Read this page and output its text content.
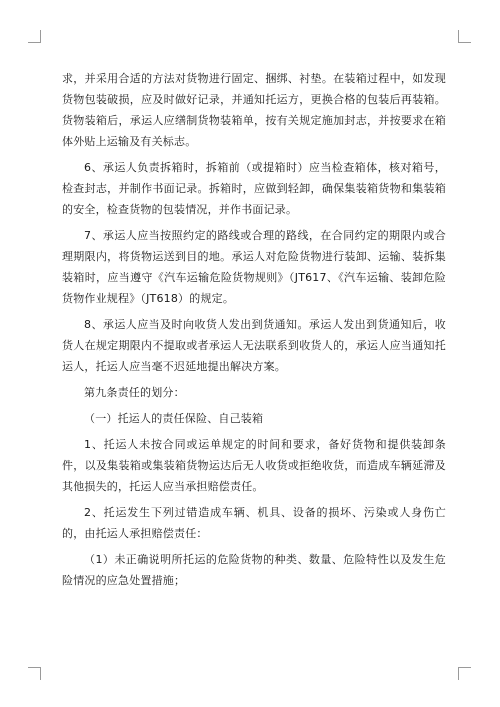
求，并采用合适的方法对货物进行固定、捆绑、衬垫。在装箱过程中，如发现货物包装破损，应及时做好记录，并通知托运方，更换合格的包装后再装箱。货物装箱后，承运人应缮制货物装箱单，按有关规定施加封志，并按要求在箱体外贴上运输及有关标志。

6、承运人负责拆箱时，拆箱前（或提箱时）应当检查箱体，核对箱号，检查封志，并制作书面记录。拆箱时，应做到轻卸，确保集装箱货物和集装箱的安全，检查货物的包装情况，并作书面记录。

7、承运人应当按照约定的路线或合理的路线，在合同约定的期限内或合理期限内，将货物运送到目的地。承运人对危险货物进行装卸、运输、装拆集装箱时，应当遵守《汽车运输危险货物规则》（JT617、《汽车运输、装卸危险货物作业规程》（JT618）的规定。

8、承运人应当及时向收货人发出到货通知。承运人发出到货通知后，收货人在规定期限内不提取或者承运人无法联系到收货人的，承运人应当通知托运人，托运人应当毫不迟延地提出解决方案。

第九条责任的划分：

（一）托运人的责任保险、自己装箱

1、托运人未按合同或运单规定的时间和要求，备好货物和提供装卸条件，以及集装箱或集装箱货物运达后无人收货或拒绝收货，而造成车辆延滞及其他损失的，托运人应当承担赔偿责任。

2、托运发生下列过错造成车辆、机具、设备的损坏、污染或人身伤亡的，由托运人承担赔偿责任：

（1）未正确说明所托运的危险货物的种类、数量、危险特性以及发生危险情况的应急处置措施；
